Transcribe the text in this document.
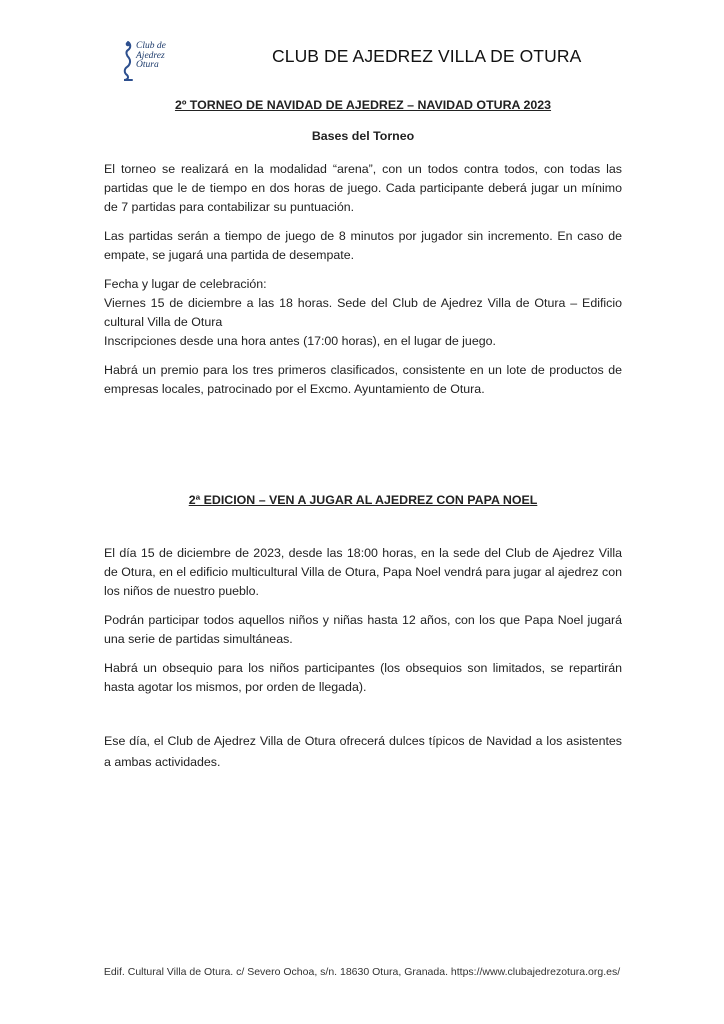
Club de
Ajedrez
Otura	CLUB DE AJEDREZ VILLA DE OTURA
2º TORNEO DE NAVIDAD DE AJEDREZ – NAVIDAD OTURA 2023
Bases del Torneo

El torneo se realizará en la modalidad “arena”, con un todos contra todos, con todas las partidas que le de tiempo en dos horas de juego. Cada participante deberá jugar un mínimo de 7 partidas para contabilizar su puntuación.

Las partidas serán a tiempo de juego de 8 minutos por jugador sin incremento. En caso de empate, se jugará una partida de desempate.

Fecha y lugar de celebración:

Viernes 15 de diciembre a las 18 horas. Sede del Club de Ajedrez Villa de Otura – Edificio cultural Villa de Otura

Inscripciones desde una hora antes (17:00 horas), en el lugar de juego.

Habrá un premio para los tres primeros clasificados, consistente en un lote de productos de empresas locales, patrocinado por el Excmo. Ayuntamiento de Otura.

2ª EDICION – VEN A JUGAR AL AJEDREZ CON PAPA NOEL

El día 15 de diciembre de 2023, desde las 18:00 horas, en la sede del Club de Ajedrez Villa de Otura, en el edificio multicultural Villa de Otura, Papa Noel vendrá para jugar al ajedrez con los niños de nuestro pueblo.

Podrán participar todos aquellos niños y niñas hasta 12 años, con los que Papa Noel jugará una serie de partidas simultáneas.

Habrá un obsequio para los niños participantes (los obsequios son limitados, se repartirán hasta agotar los mismos, por orden de llegada).

Ese día, el Club de Ajedrez Villa de Otura ofrecerá dulces típicos de Navidad a los asistentes a ambas actividades.

Edif. Cultural Villa de Otura. c/ Severo Ochoa, s/n. 18630 Otura, Granada. https://www.clubajedrezotura.org.es/
